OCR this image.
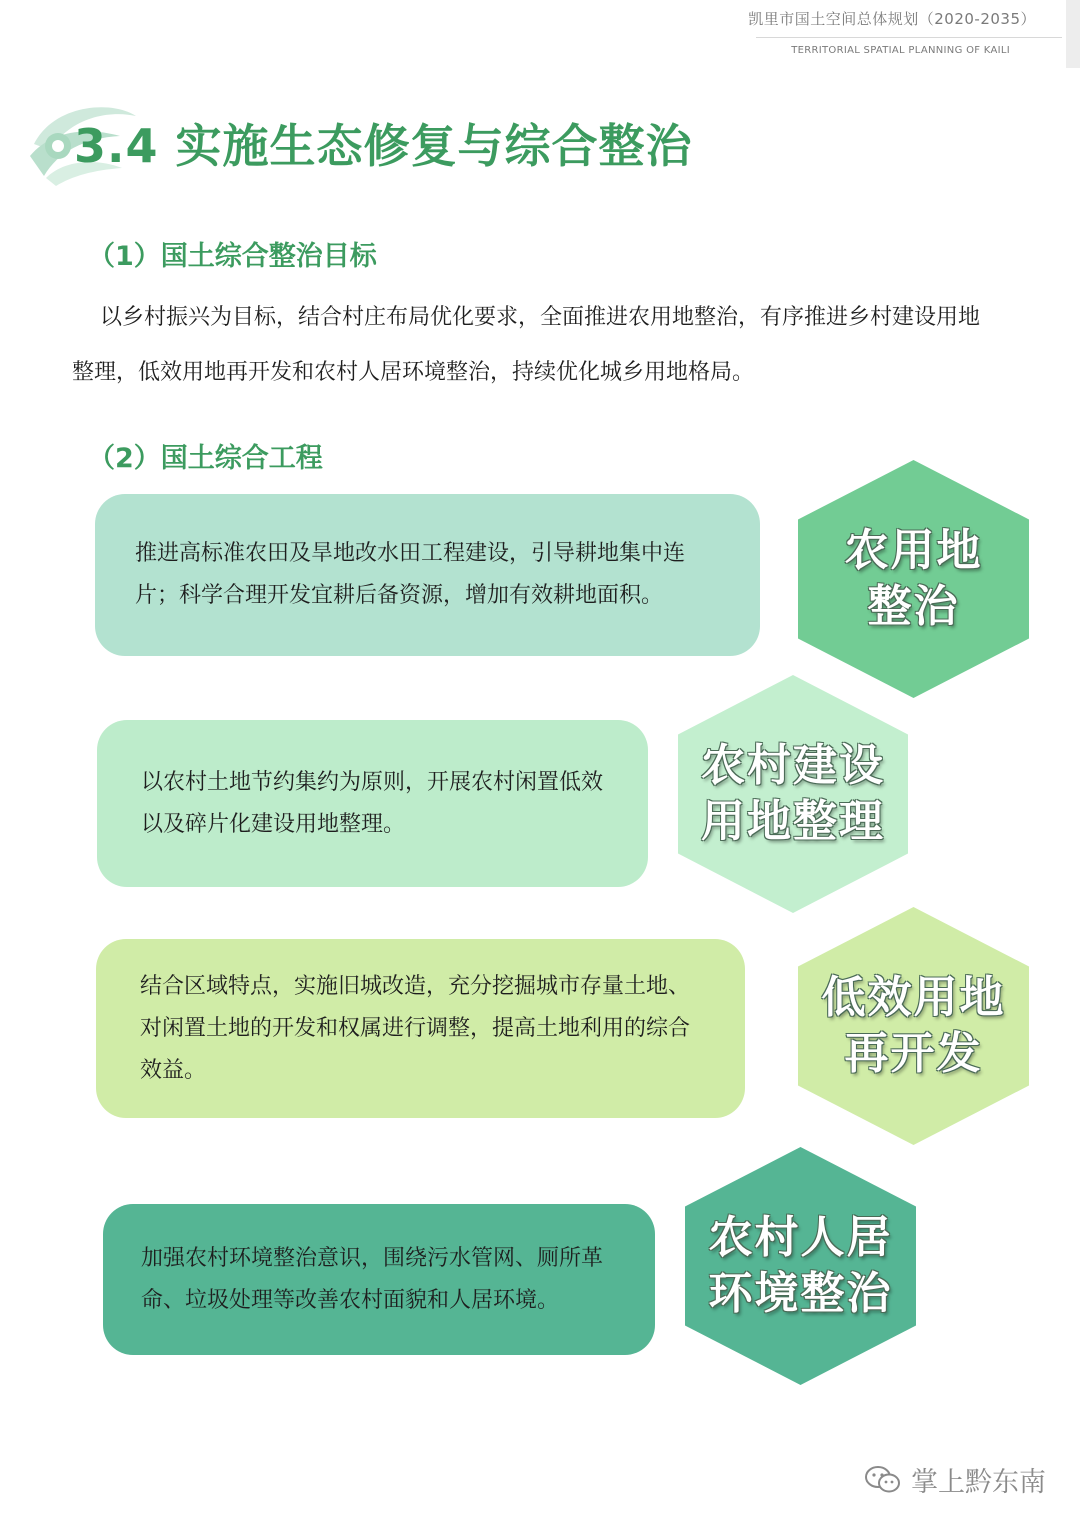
凯里市国土空间总体规划（2020-2035）
TERRITORIAL SPATIAL PLANNING OF KAILI
3.4 实施生态修复与综合整治
（1）国土综合整治目标

以乡村振兴为目标，结合村庄布局优化要求，全面推进农用地整治，有序推进乡村建设用地整理，低效用地再开发和农村人居环境整治，持续优化城乡用地格局。

（2）国土综合工程

推进高标准农田及旱地改水田工程建设，引导耕地集中连片；科学合理开发宜耕后备资源，增加有效耕地面积。

农用地
整治

以农村土地节约集约为原则，开展农村闲置低效以及碎片化建设用地整理。

农村建设
用地整理

结合区域特点，实施旧城改造，充分挖掘城市存量土地、对闲置土地的开发和权属进行调整，提高土地利用的综合效益。

低效用地
再开发

加强农村环境整治意识，围绕污水管网、厕所革命、垃圾处理等改善农村面貌和人居环境。

农村人居
环境整治
掌上黔东南
